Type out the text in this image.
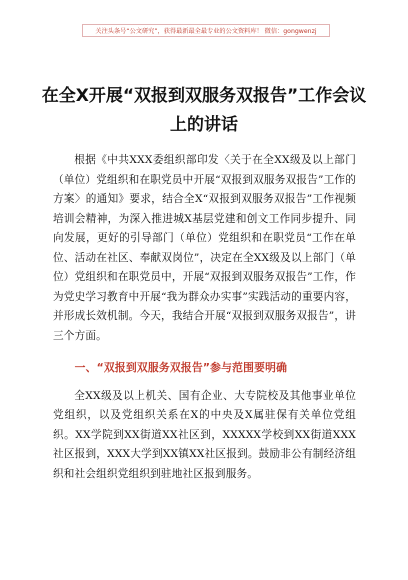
关注头条号“公文研究”，获得最新最全最专业的公文资料库！ 微信：gongwenzj
在全X开展“双报到双服务双报告”工作会议
上的讲话

根据《中共XXX委组织部印发〈关于在全XX级及以上部门（单位）党组织和在职党员中开展“双报到双服务双报告”工作的方案〉的通知》要求，结合全X“双报到双服务双报告”工作视频培训会精神，为深入推进城X基层党建和创文工作同步提升、同向发展，更好的引导部门（单位）党组织和在职党员“工作在单位、活动在社区、奉献双岗位”，决定在全XX级及以上部门（单位）党组织和在职党员中，开展“双报到双服务双报告”工作，作为党史学习教育中开展“我为群众办实事”实践活动的重要内容，并形成长效机制。今天，我结合开展“双报到双服务双报告”，讲三个方面。

一、“双报到双服务双报告”参与范围要明确

全XX级及以上机关、国有企业、大专院校及其他事业单位党组织，以及党组织关系在X的中央及X属驻保有关单位党组织。XX学院到XX街道XX社区到，XXXXX学校到XX街道XXX社区报到，XXX大学到XX镇XX社区报到。鼓励非公有制经济组织和社会组织党组织到驻地社区报到服务。
